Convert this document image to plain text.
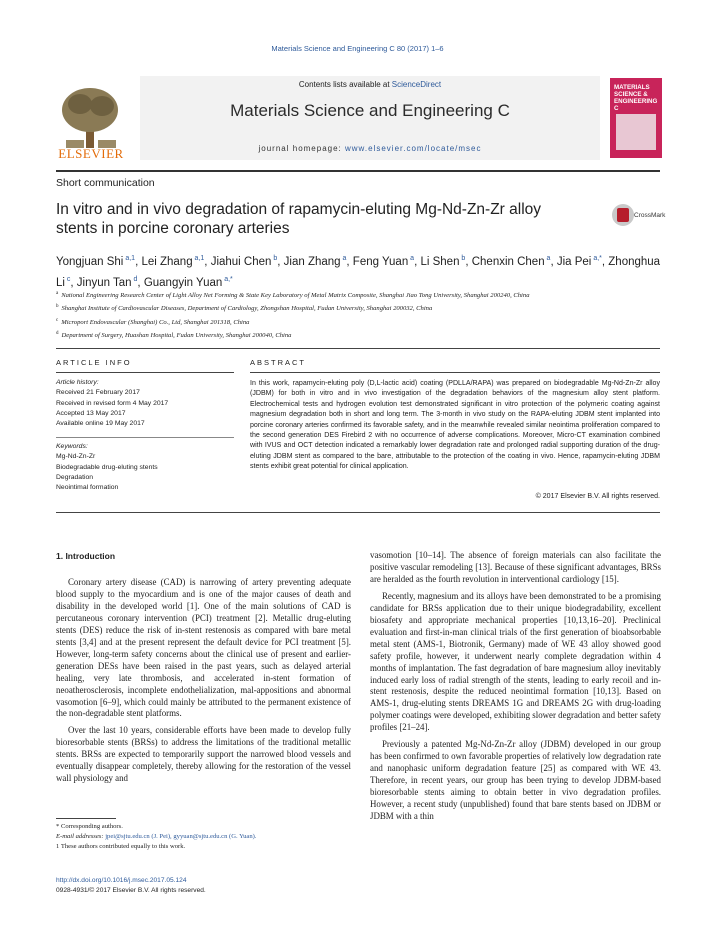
Materials Science and Engineering C 80 (2017) 1–6
Contents lists available at ScienceDirect
Materials Science and Engineering C
journal homepage: www.elsevier.com/locate/msec
ELSEVIER
MATERIALS SCIENCE & ENGINEERING C
Short communication
In vitro and in vivo degradation of rapamycin-eluting Mg-Nd-Zn-Zr alloy stents in porcine coronary arteries
CrossMark
Yongjuan Shi $^{a,1}$, Lei Zhang $^{a,1}$, Jiahui Chen $^b$, Jian Zhang $^a$, Feng Yuan $^a$, Li Shen $^b$, Chenxin Chen $^a$, Jia Pei $^{a,*}$, Zhonghua Li $^c$, Jinyun Tan $^d$, Guangyin Yuan $^{a,*}$
$^a$ National Engineering Research Center of Light Alloy Net Forming & State Key Laboratory of Metal Matrix Composite, Shanghai Jiao Tong University, Shanghai 200240, China
$^b$ Shanghai Institute of Cardiovascular Diseases, Department of Cardiology, Zhongshan Hospital, Fudan University, Shanghai 200032, China
$^c$ Microport Endovascular (Shanghai) Co., Ltd, Shanghai 201318, China
$^d$ Department of Surgery, Huashan Hospital, Fudan University, Shanghai 200040, China
ARTICLE INFO	ABSTRACT
Article history:
Received 21 February 2017
Received in revised form 4 May 2017
Accepted 13 May 2017
Available online 19 May 2017
Keywords:
Mg-Nd-Zn-Zr
Biodegradable drug-eluting stents
Degradation
Neointimal formation
In this work, rapamycin-eluting poly (D,L-lactic acid) coating (PDLLA/RAPA) was prepared on biodegradable Mg-Nd-Zn-Zr alloy (JDBM) for both in vitro and in vivo investigation of the degradation behaviors of the magnesium alloy stent platform. Electrochemical tests and hydrogen evolution test demonstrated significant in vitro protection of the polymeric coating against magnesium degradation both in short and long term. The 3-month in vivo study on the RAPA-eluting JDBM stent implanted into porcine coronary arteries confirmed its favorable safety, and in the meanwhile revealed similar neointima proliferation compared to the second generation DES Firebird 2 with no occurrence of adverse complications. Moreover, Micro-CT examination combined with IVUS and OCT detection indicated a remarkably lower degradation rate and prolonged radial supporting duration of the drug-eluting JDBM stent as compared to the bare, attributable to the protection of the coating in vivo. Hence, rapamycin-eluting JDBM stents exhibit great potential for clinical application.
© 2017 Elsevier B.V. All rights reserved.
1. Introduction

Coronary artery disease (CAD) is narrowing of artery preventing adequate blood supply to the myocardium and is one of the major causes of death and disability in the developed world [1]. One of the main solutions of CAD is percutaneous coronary intervention (PCI) treatment [2]. Metallic drug-eluting stents (DES) reduce the risk of in-stent restenosis as compared with bare metal stents [3,4] and at the present represent the default device for PCI treatment [5]. However, long-term safety concerns about the clinical use of present and earlier-generation DESs have been raised in the past years, such as delayed arterial healing, very late thrombosis, and accelerated in-stent formation of neoatherosclerosis, incomplete endothelialization, mal-appositions and abnormal vasomotion [6–9], which could mainly be attributed to the permanent existence of the non-degradable stent platforms.

Over the last 10 years, considerable efforts have been made to develop fully bioresorbable stents (BRSs) to address the limitations of the traditional metallic stents. BRSs are expected to temporarily support the narrowed blood vessels and eventually disappear completely, thereby allowing for the restoration of the vessel wall physiology and

vasomotion [10–14]. The absence of foreign materials can also facilitate the positive vascular remodeling [13]. Because of these significant advantages, BRSs are heralded as the fourth revolution in interventional cardiology [15].

Recently, magnesium and its alloys have been demonstrated to be a promising candidate for BRSs application due to their unique biodegradability, excellent biosafety and appropriate mechanical properties [10,13,16–20]. Preclinical evaluation and first-in-man clinical trials of the first generation of bioabsorbable metal stent (AMS-1, Biotronik, Germany) made of WE 43 alloy showed good safety profile, however, it underwent nearly complete degradation within 4 months of implantation. The fast degradation of bare magnesium alloy inevitably induced early loss of radial strength of the stents, leading to early recoil and in-stent restenosis, despite the reduced neointimal formation [10,13]. Based on AMS-1, drug-eluting stents DREAMS 1G and DREAMS 2G with drug-loading polymer coatings were developed, exhibiting slower degradation and better safety profiles [21–24].

Previously a patented Mg-Nd-Zn-Zr alloy (JDBM) developed in our group has been confirmed to own favorable properties of relatively low degradation rate and nanophasic uniform degradation feature [25] as compared with WE 43. Therefore, in recent years, our group has been trying to develop JDBM-based bioresorbable stents aiming to obtain better in vivo degradation profiles. However, a recent study (unpublished) found that bare stents based on JDBM or JDBM with a thin

* Corresponding authors.
E-mail addresses: jpei@sjtu.edu.cn (J. Pei), gyyuan@sjtu.edu.cn (G. Yuan).
1 These authors contributed equally to this work.
http://dx.doi.org/10.1016/j.msec.2017.05.124
0928-4931/© 2017 Elsevier B.V. All rights reserved.
